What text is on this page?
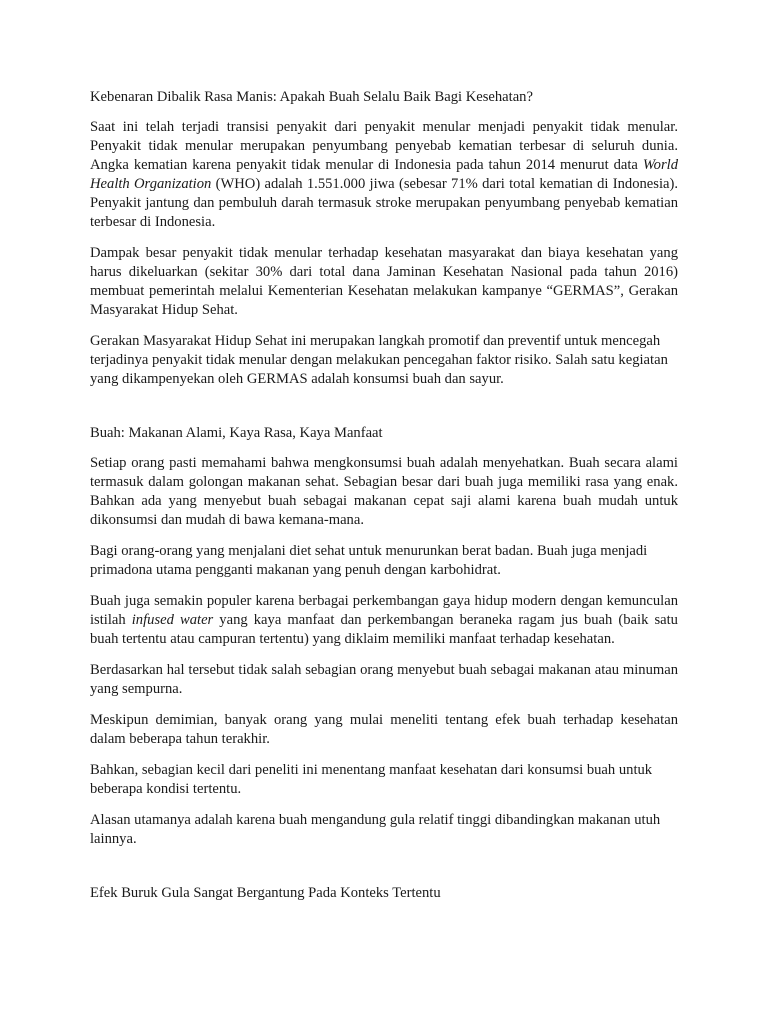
Kebenaran Dibalik Rasa Manis: Apakah Buah Selalu Baik Bagi Kesehatan?

Saat ini telah terjadi transisi penyakit dari penyakit menular menjadi penyakit tidak menular. Penyakit tidak menular merupakan penyumbang penyebab kematian terbesar di seluruh dunia. Angka kematian karena penyakit tidak menular di Indonesia pada tahun 2014 menurut data World Health Organization (WHO) adalah 1.551.000 jiwa (sebesar 71% dari total kematian di Indonesia). Penyakit jantung dan pembuluh darah termasuk stroke merupakan penyumbang penyebab kematian terbesar di Indonesia.

Dampak besar penyakit tidak menular terhadap kesehatan masyarakat dan biaya kesehatan yang harus dikeluarkan (sekitar 30% dari total dana Jaminan Kesehatan Nasional pada tahun 2016) membuat pemerintah melalui Kementerian Kesehatan melakukan kampanye “GERMAS”, Gerakan Masyarakat Hidup Sehat.

Gerakan Masyarakat Hidup Sehat ini merupakan langkah promotif dan preventif untuk mencegah terjadinya penyakit tidak menular dengan melakukan pencegahan faktor risiko. Salah satu kegiatan yang dikampenyekan oleh GERMAS adalah konsumsi buah dan sayur.

Buah: Makanan Alami, Kaya Rasa, Kaya Manfaat

Setiap orang pasti memahami bahwa mengkonsumsi buah adalah menyehatkan. Buah secara alami termasuk dalam golongan makanan sehat. Sebagian besar dari buah juga memiliki rasa yang enak. Bahkan ada yang menyebut buah sebagai makanan cepat saji alami karena buah mudah untuk dikonsumsi dan mudah di bawa kemana-mana.

Bagi orang-orang yang menjalani diet sehat untuk menurunkan berat badan. Buah juga menjadi primadona utama pengganti makanan yang penuh dengan karbohidrat.

Buah juga semakin populer karena berbagai perkembangan gaya hidup modern dengan kemunculan istilah infused water yang kaya manfaat dan perkembangan beraneka ragam jus buah (baik satu buah tertentu atau campuran tertentu) yang diklaim memiliki manfaat terhadap kesehatan.

Berdasarkan hal tersebut tidak salah sebagian orang menyebut buah sebagai makanan atau minuman yang sempurna.

Meskipun demimian, banyak orang yang mulai meneliti tentang efek buah terhadap kesehatan dalam beberapa tahun terakhir.

Bahkan, sebagian kecil dari peneliti ini menentang manfaat kesehatan dari konsumsi buah untuk beberapa kondisi tertentu.

Alasan utamanya adalah karena buah mengandung gula relatif tinggi dibandingkan makanan utuh lainnya.

Efek Buruk Gula Sangat Bergantung Pada Konteks Tertentu
